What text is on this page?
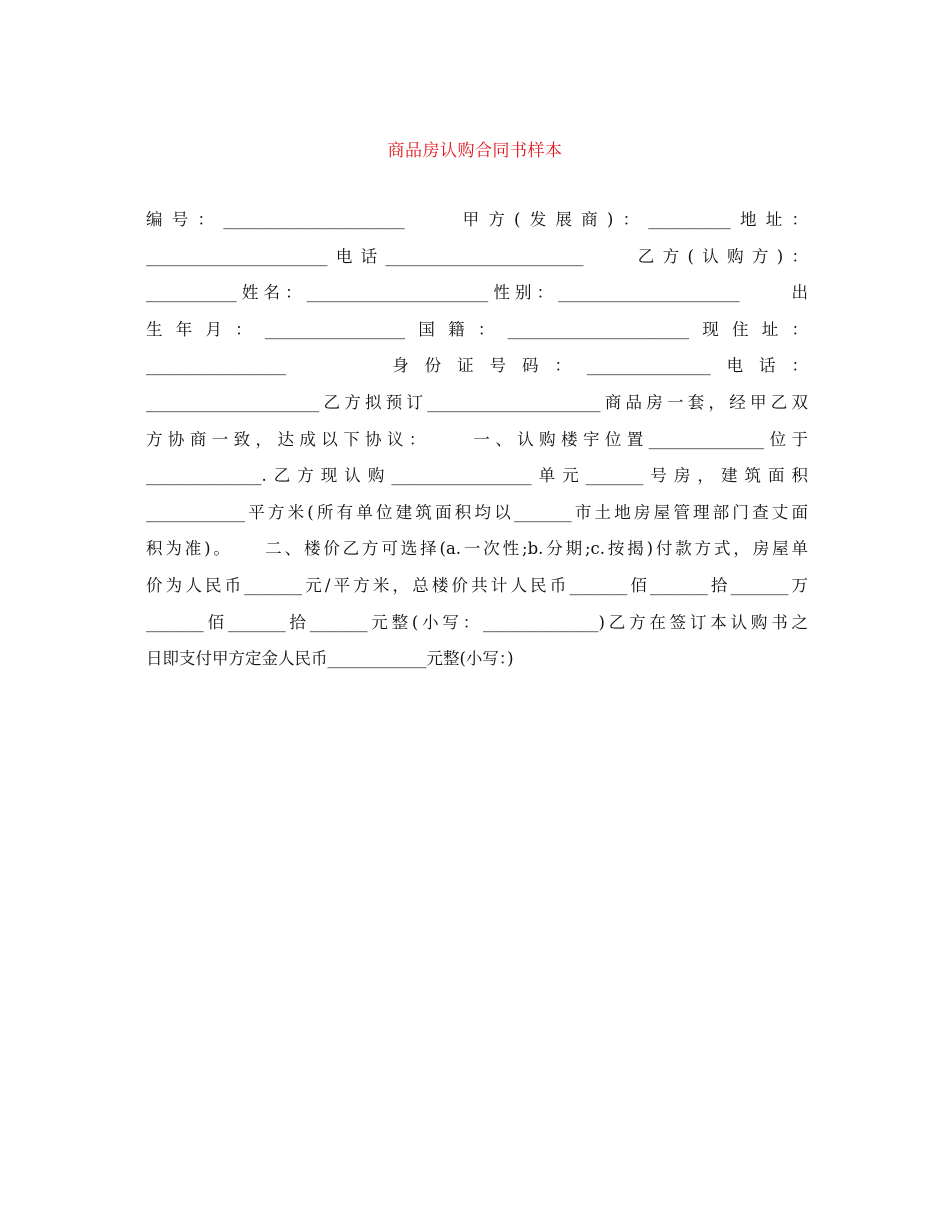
商品房认购合同书样本
编号：______________________    甲方(发展商)：__________地址：
______________________电话________________________    乙方(认购方)：
___________姓名：______________________性别：______________________     出
生年月：_________________国籍：______________________现住址：
_________________     身份证号码：_______________电话：
_____________________乙方拟预订_____________________商品房一套，经甲乙双
方协商一致，达成以下协议：    一、认购楼宇位置______________位于
______________.乙方现认购_________________单元_______号房，建筑面积
____________平方米(所有单位建筑面积均以_______市土地房屋管理部门查丈面
积为准)。    二、楼价乙方可选择(a.一次性;b.分期;c.按揭)付款方式，房屋单
价为人民币_______元/平方米，总楼价共计人民币_______佰_______拾_______万
_______佰_______拾_______元整(小写：______________)乙方在签订本认购书之
日即支付甲方定金人民币____________元整(小写：)
